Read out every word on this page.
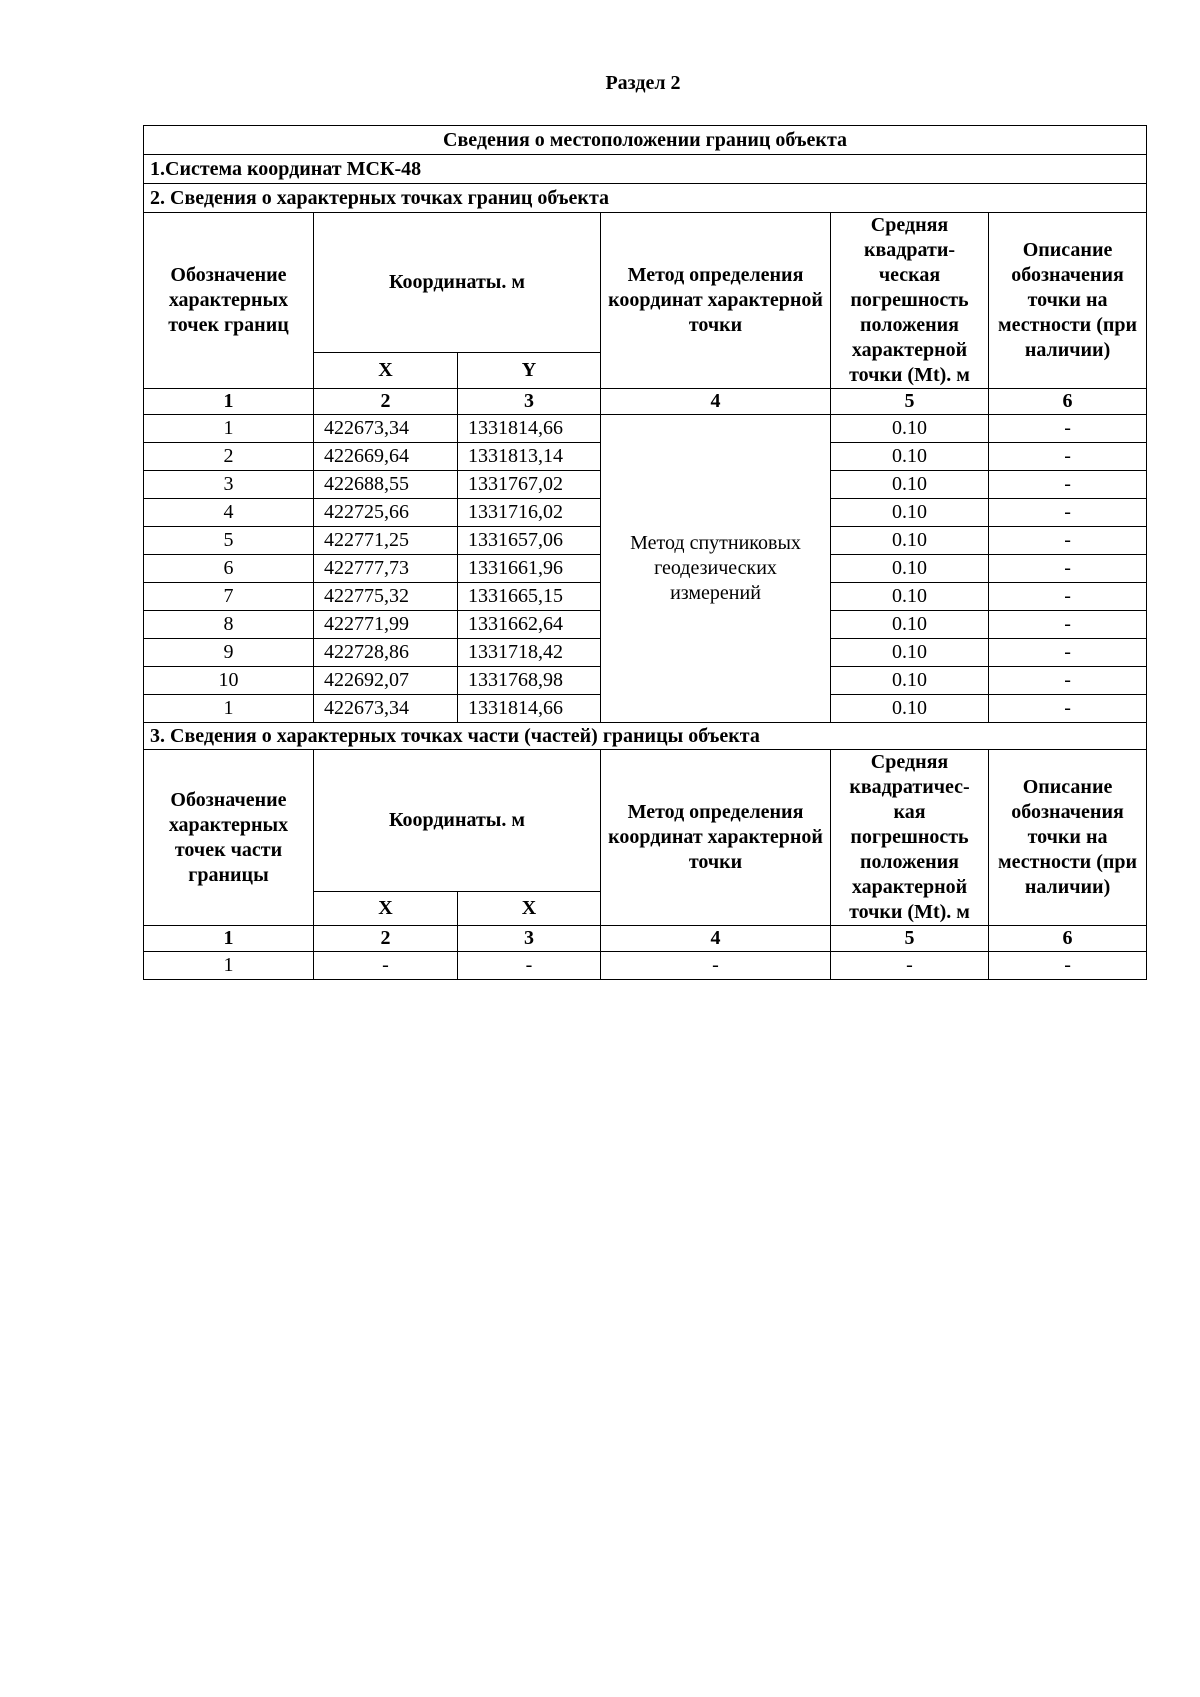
Раздел 2
Сведения о местоположении границ объекта					
1.Система координат МСК-48					
2. Сведения о характерных точках границ объекта					
Обозначение характерных точек границ	Координаты. м		Метод определения координат характерной точки	Средняя квадрати-ческая погрешность положения характерной точки (Mt). м	Описание обозначения точки на местности (при наличии)
	X	Y			
1	2	3	4	5	6
1	422673,34	1331814,66	Метод спутниковых геодезических измерений	0.10	-
2	422669,64	1331813,14		0.10	-
3	422688,55	1331767,02		0.10	-
4	422725,66	1331716,02		0.10	-
5	422771,25	1331657,06		0.10	-
6	422777,73	1331661,96		0.10	-
7	422775,32	1331665,15		0.10	-
8	422771,99	1331662,64		0.10	-
9	422728,86	1331718,42		0.10	-
10	422692,07	1331768,98		0.10	-
1	422673,34	1331814,66		0.10	-
3. Сведения о характерных точках части (частей) границы объекта					
Обозначение характерных точек части границы	Координаты. м		Метод определения координат характерной точки	Средняя квадратичес-кая погрешность положения характерной точки (Mt). м	Описание обозначения точки на местности (при наличии)
	X	X			
1	2	3	4	5	6
1	-	-	-	-	-
